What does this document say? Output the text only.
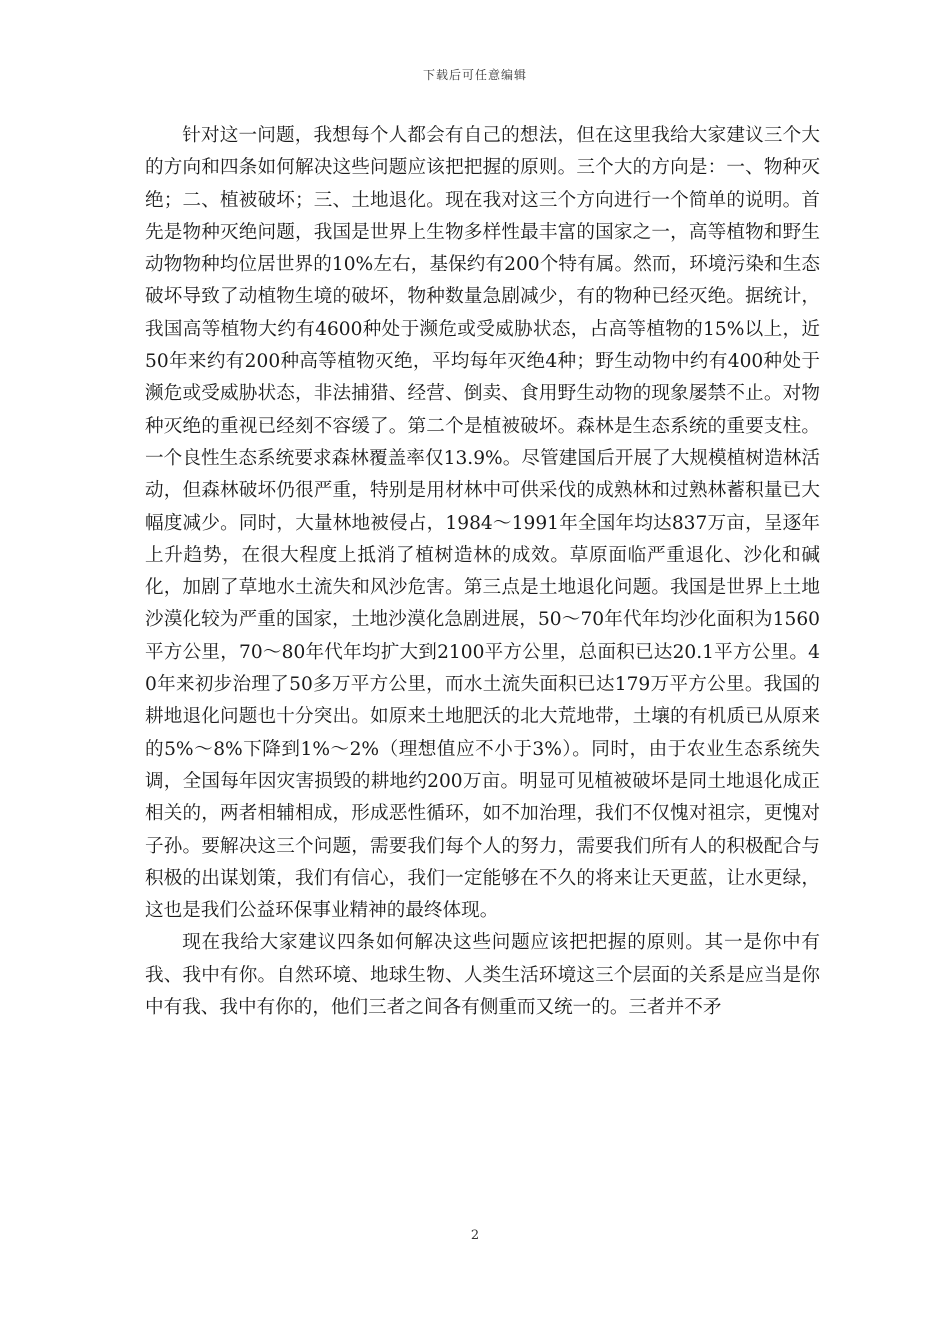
下载后可任意编辑

针对这一问题，我想每个人都会有自己的想法，但在这里我给大家建议三个大的方向和四条如何解决这些问题应该把把握的原则。三个大的方向是：一、物种灭绝；二、植被破坏；三、土地退化。现在我对这三个方向进行一个简单的说明。首先是物种灭绝问题，我国是世界上生物多样性最丰富的国家之一，高等植物和野生动物物种均位居世界的10%左右，基保约有200个特有属。然而，环境污染和生态破坏导致了动植物生境的破坏，物种数量急剧减少，有的物种已经灭绝。据统计，我国高等植物大约有4600种处于濒危或受威胁状态，占高等植物的15%以上，近50年来约有200种高等植物灭绝，平均每年灭绝4种；野生动物中约有400种处于濒危或受威胁状态，非法捕猎、经营、倒卖、食用野生动物的现象屡禁不止。对物种灭绝的重视已经刻不容缓了。第二个是植被破坏。森林是生态系统的重要支柱。一个良性生态系统要求森林覆盖率仅13.9%。尽管建国后开展了大规模植树造林活动，但森林破坏仍很严重，特别是用材林中可供采伐的成熟林和过熟林蓄积量已大幅度减少。同时，大量林地被侵占，1984～1991年全国年均达837万亩，呈逐年上升趋势，在很大程度上抵消了植树造林的成效。草原面临严重退化、沙化和碱化，加剧了草地水土流失和风沙危害。第三点是土地退化问题。我国是世界上土地沙漠化较为严重的国家，土地沙漠化急剧进展，50～70年代年均沙化面积为1560平方公里，70～80年代年均扩大到2100平方公里，总面积已达20.1平方公里。40年来初步治理了50多万平方公里，而水土流失面积已达179万平方公里。我国的耕地退化问题也十分突出。如原来土地肥沃的北大荒地带，土壤的有机质已从原来的5%～8%下降到1%～2%（理想值应不小于3%）。同时，由于农业生态系统失调，全国每年因灾害损毁的耕地约200万亩。明显可见植被破坏是同土地退化成正相关的，两者相辅相成，形成恶性循环，如不加治理，我们不仅愧对祖宗，更愧对子孙。要解决这三个问题，需要我们每个人的努力，需要我们所有人的积极配合与积极的出谋划策，我们有信心，我们一定能够在不久的将来让天更蓝，让水更绿，这也是我们公益环保事业精神的最终体现。

现在我给大家建议四条如何解决这些问题应该把把握的原则。其一是你中有我、我中有你。自然环境、地球生物、人类生活环境这三个层面的关系是应当是你中有我、我中有你的，他们三者之间各有侧重而又统一的。三者并不矛

2
